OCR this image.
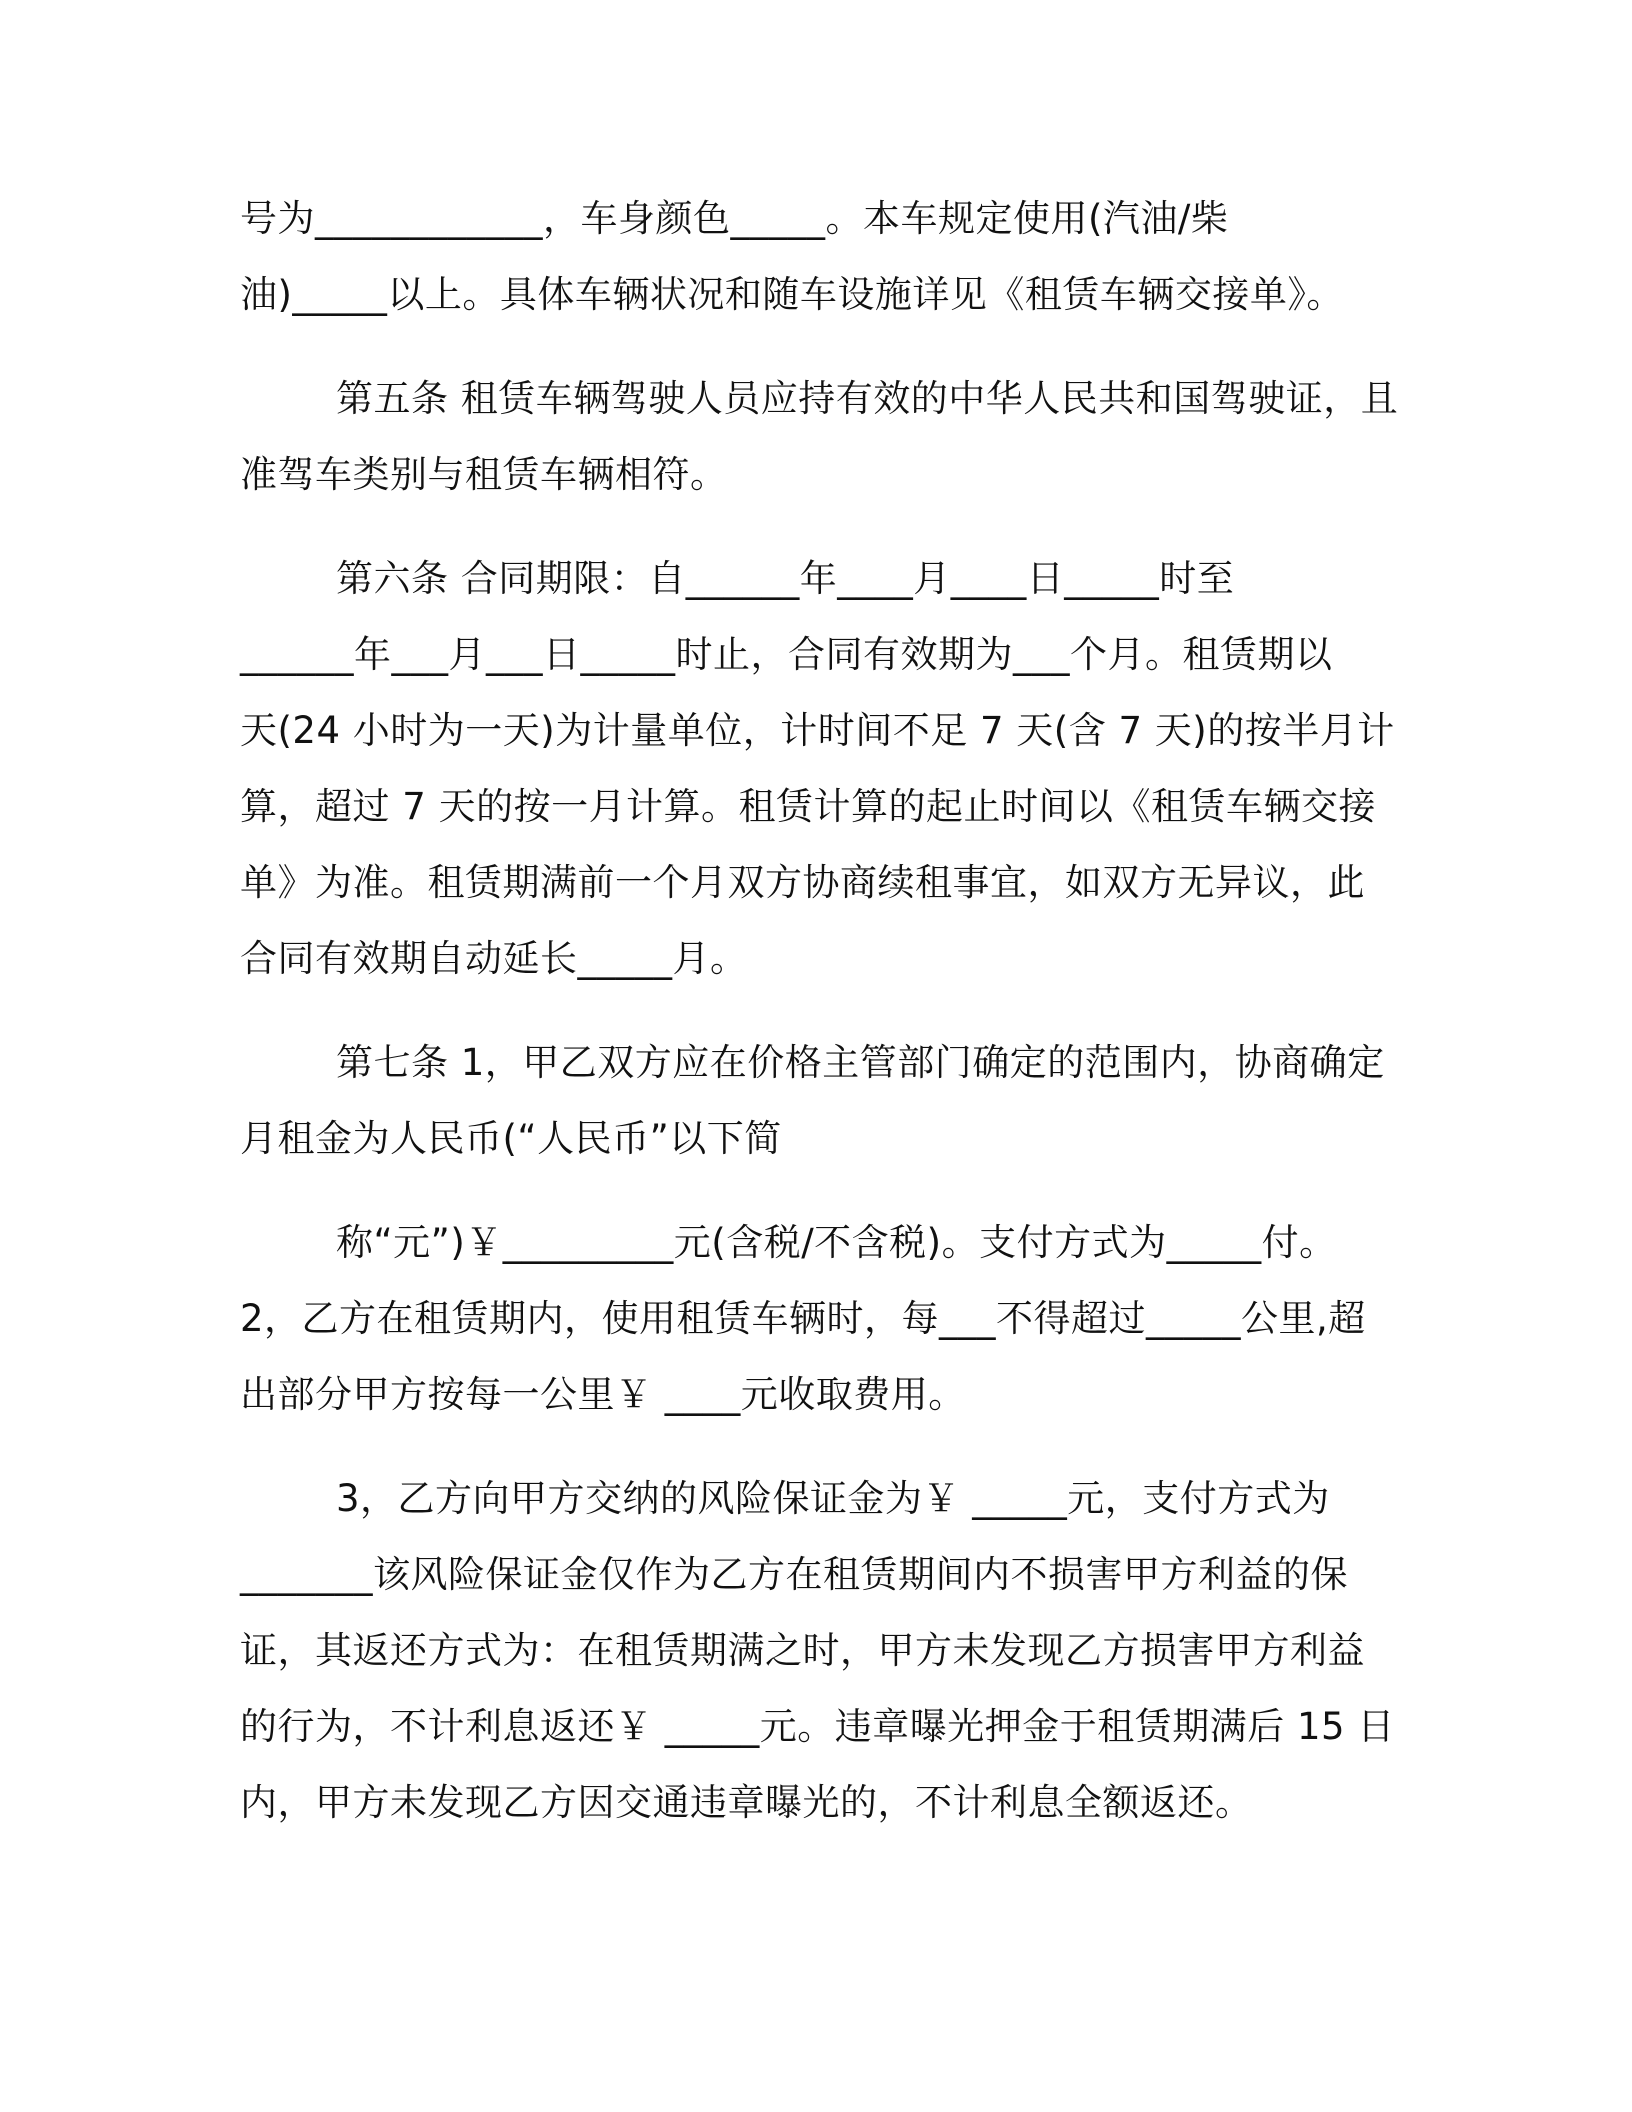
号为____________，车身颜色_____。本车规定使用(汽油/柴
油)_____以上。具体车辆状况和随车设施详见《租赁车辆交接单》。
第五条 租赁车辆驾驶人员应持有效的中华人民共和国驾驶证，且
准驾车类别与租赁车辆相符。
第六条 合同期限：自______年____月____日_____时至
______年___月___日_____时止，合同有效期为___个月。租赁期以
天(24 小时为一天)为计量单位，计时间不足 7 天(含 7 天)的按半月计
算，超过 7 天的按一月计算。租赁计算的起止时间以《租赁车辆交接
单》为准。租赁期满前一个月双方协商续租事宜，如双方无异议，此
合同有效期自动延长_____月。
第七条 1，甲乙双方应在价格主管部门确定的范围内，协商确定
月租金为人民币(“人民币”以下简
称“元”)￥_________元(含税/不含税)。支付方式为_____付。
2，乙方在租赁期内，使用租赁车辆时，每___不得超过_____公里,超
出部分甲方按每一公里￥ ____元收取费用。
3，乙方向甲方交纳的风险保证金为￥ _____元，支付方式为
_______该风险保证金仅作为乙方在租赁期间内不损害甲方利益的保
证，其返还方式为：在租赁期满之时，甲方未发现乙方损害甲方利益
的行为，不计利息返还￥ _____元。违章曝光押金于租赁期满后 15 日
内，甲方未发现乙方因交通违章曝光的，不计利息全额返还。
